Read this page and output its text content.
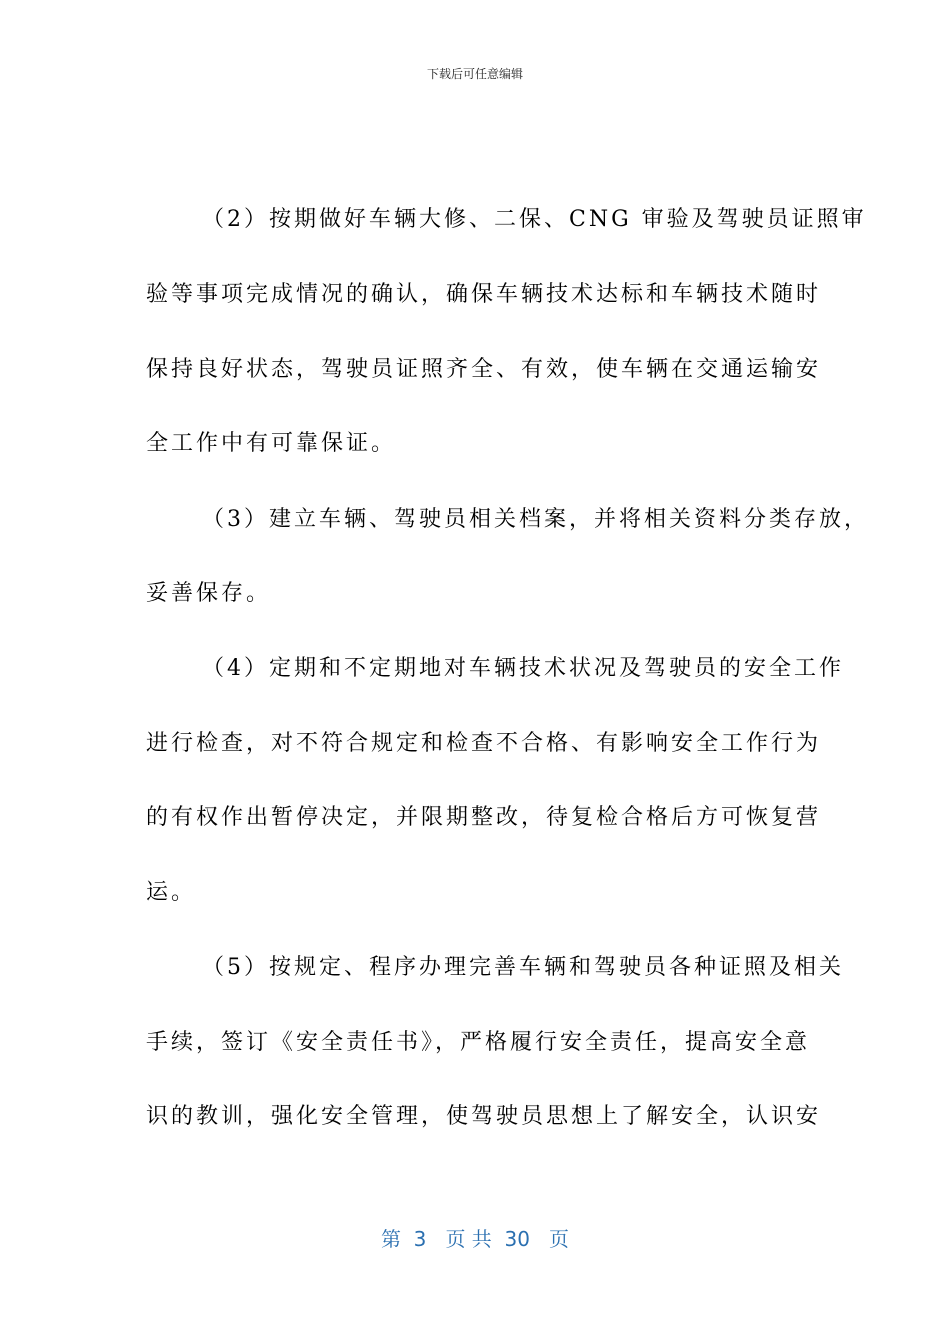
下载后可任意编辑
（2）按期做好车辆大修、二保、CNG 审验及驾驶员证照审
验等事项完成情况的确认，确保车辆技术达标和车辆技术随时
保持良好状态，驾驶员证照齐全、有效，使车辆在交通运输安
全工作中有可靠保证。
（3）建立车辆、驾驶员相关档案，并将相关资料分类存放，
妥善保存。
（4）定期和不定期地对车辆技术状况及驾驶员的安全工作
进行检查，对不符合规定和检查不合格、有影响安全工作行为
的有权作出暂停决定，并限期整改，待复检合格后方可恢复营
运。
（5）按规定、程序办理完善车辆和驾驶员各种证照及相关
手续，签订《安全责任书》，严格履行安全责任，提高安全意
识的教训，强化安全管理，使驾驶员思想上了解安全，认识安
第  3   页 共  30   页
